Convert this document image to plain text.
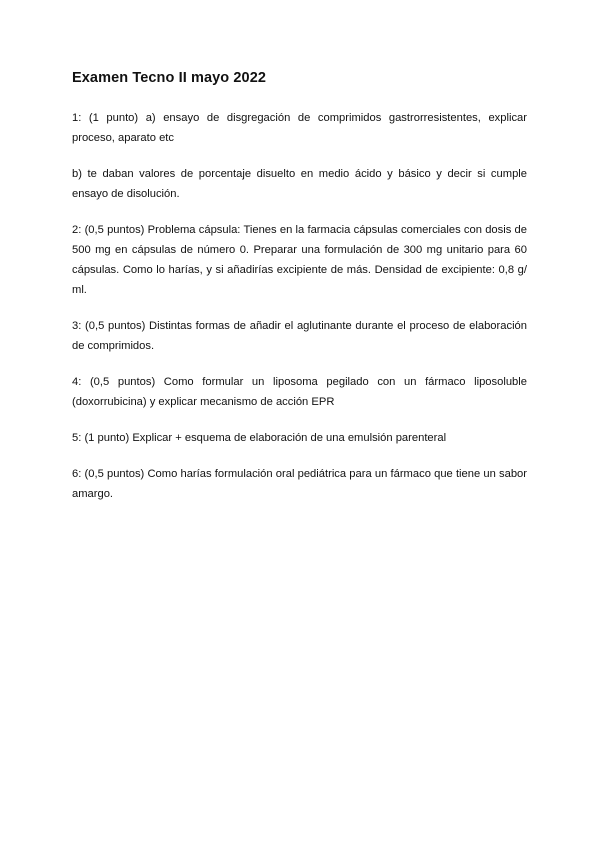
Examen Tecno II mayo 2022

1: (1 punto) a) ensayo de disgregación de comprimidos gastrorresistentes, explicar proceso, aparato etc

b) te daban valores de porcentaje disuelto en medio ácido y básico y decir si cumple ensayo de disolución.

2: (0,5 puntos) Problema cápsula: Tienes en la farmacia cápsulas comerciales con dosis de 500 mg en cápsulas de número 0. Preparar una formulación de 300 mg unitario para 60 cápsulas. Como lo harías, y si añadirías excipiente de más. Densidad de excipiente: 0,8 g/ ml.

3: (0,5 puntos) Distintas formas de añadir el aglutinante durante el proceso de elaboración de comprimidos.

4: (0,5 puntos) Como formular un liposoma pegilado con un fármaco liposoluble (doxorrubicina) y explicar mecanismo de acción EPR

5: (1 punto) Explicar + esquema de elaboración de una emulsión parenteral

6: (0,5 puntos) Como harías formulación oral pediátrica para un fármaco que tiene un sabor amargo.
